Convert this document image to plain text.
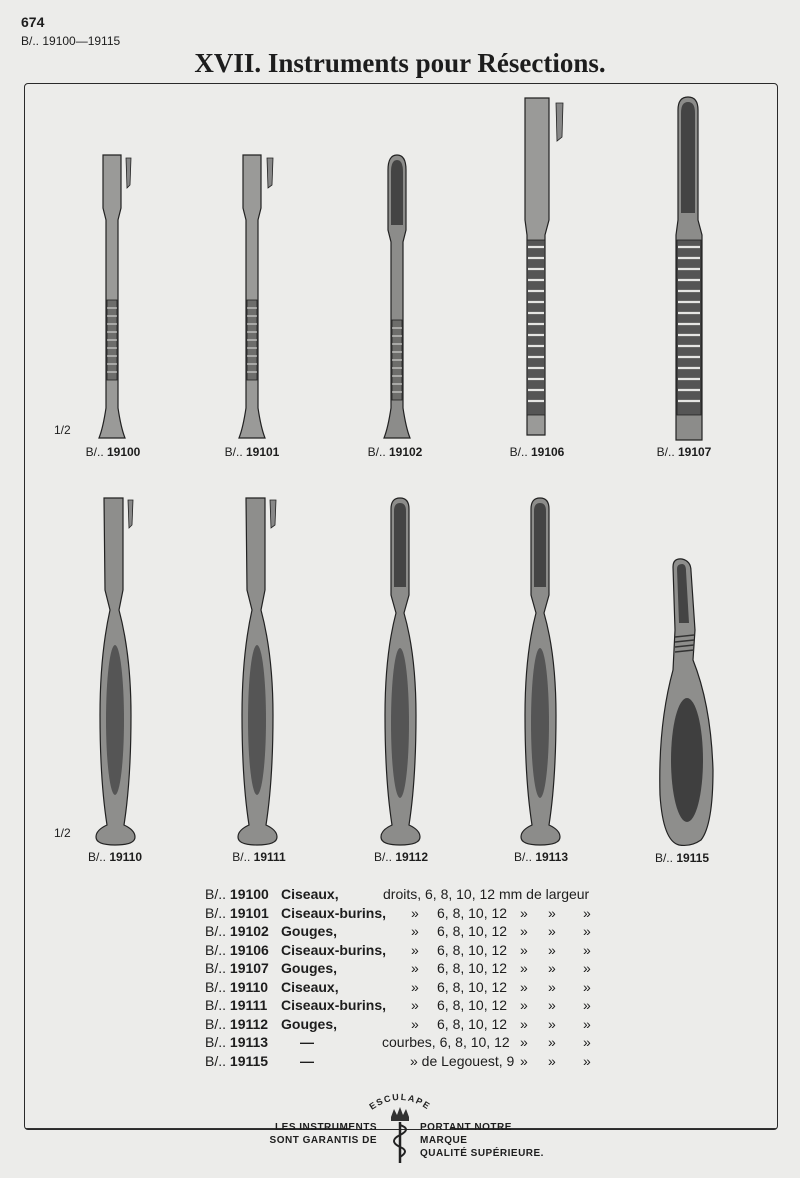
674
B/.. 19100—19115
XVII. Instruments pour Résections.
1/2
1/2
B/.. 19100	B/.. 19101	B/.. 19102	B/.. 19106	B/.. 19107
B/.. 19110	B/.. 19111	B/.. 19112	B/.. 19113	B/.. 19115
B/.. 19100 Ciseaux,	droits, 6, 8, 10, 12 mm de largeur
B/.. 19101 Ciseaux-burins, » 6, 8, 10, 12 » » »
B/.. 19102 Gouges,	» 6, 8, 10, 12 » » »
B/.. 19106 Ciseaux-burins, » 6, 8, 10, 12 » » »
B/.. 19107 Gouges,	» 6, 8, 10, 12 » » »
B/.. 19110 Ciseaux,	» 6, 8, 10, 12 » » »
B/.. 19111 Ciseaux-burins, » 6, 8, 10, 12 » » »
B/.. 19112 Gouges,	» 6, 8, 10, 12 » » »
B/.. 19113 —	courbes, 6, 8, 10, 12 » » »
B/.. 19115 —	» de Legouest, 9 » » »
ESCULAPE
LES INSTRUMENTS
SONT GARANTIS DE
PORTANT NOTRE MARQUE
QUALITÉ SUPÉRIEURE.
